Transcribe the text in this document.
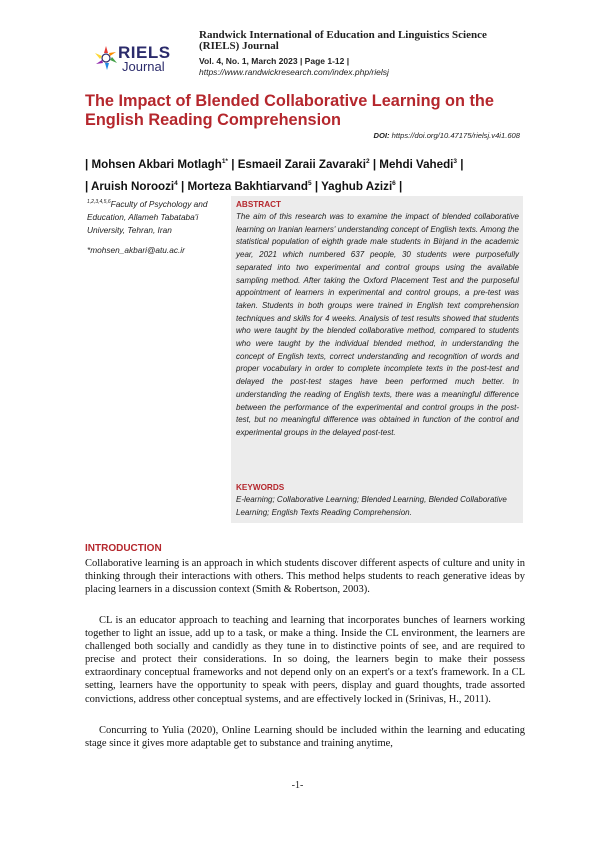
RIELS
Journal
Randwick International of Education and Linguistics Science (RIELS) Journal
Vol. 4, No. 1, March 2023 | Page 1-12 |
https://www.randwickresearch.com/index.php/rielsj
The Impact of Blended Collaborative Learning on the English Reading Comprehension
DOI: https://doi.org/10.47175/rielsj.v4i1.608
| Mohsen Akbari Motlagh$^{1*}$ | Esmaeil Zaraii Zavaraki$^2$ | Mehdi Vahedi$^3$ |
| Aruish Noroozi$^4$ | Morteza Bakhtiarvand$^5$ | Yaghub Azizi$^6$ |
$^{1,2,3,4,5,6}$Faculty of Psychology and Education, Allameh Tabataba'i University, Tehran, Iran
*mohsen_akbari@atu.ac.ir
ABSTRACT
The aim of this research was to examine the impact of blended collaborative learning on Iranian learners' understanding concept of English texts. Among the statistical population of eighth grade male students in Birjand in the academic year, 2021 which numbered 637 people, 30 students were purposefully separated into two experimental and control groups using the available sampling method. After taking the Oxford Placement Test and the purposeful appointment of learners in experimental and control groups, a pre-test was taken. Students in both groups were trained in English text comprehension techniques and skills for 4 weeks. Analysis of test results showed that students who were taught by the blended collaborative method, compared to students who were taught by the individual blended method, in understanding the concept of English texts, correct understanding and recognition of words and proper vocabulary in order to complete incomplete texts in the post-test and delayed the post-test stages have been performed much better. In understanding the reading of English texts, there was a meaningful difference between the performance of the experimental and control groups in the post-test, but no meaningful difference was obtained in function of the control and experimental groups in the delayed post-test.
KEYWORDS
E-learning; Collaborative Learning; Blended Learning, Blended Collaborative Learning; English Texts Reading Comprehension.
INTRODUCTION
Collaborative learning is an approach in which students discover different aspects of culture and unity in thinking through their interactions with others. This method helps students to reach generative ideas by placing learners in a discussion context (Smith & Robertson, 2003).
CL is an educator approach to teaching and learning that incorporates bunches of learners working together to light an issue, add up to a task, or make a thing. Inside the CL environment, the learners are challenged both socially and candidly as they tune in to distinctive points of see, and are required to precise and protect their considerations. In so doing, the learners begin to make their possess extraordinary conceptual frameworks and not depend only on an expert's or a text's framework. In a CL setting, learners have the opportunity to speak with peers, display and guard thoughts, trade assorted convictions, address other conceptual systems, and are effectively locked in (Srinivas, H., 2011).
Concurring to Yulia (2020), Online Learning should be included within the learning and educating stage since it gives more adaptable get to substance and training anytime,
-1-
